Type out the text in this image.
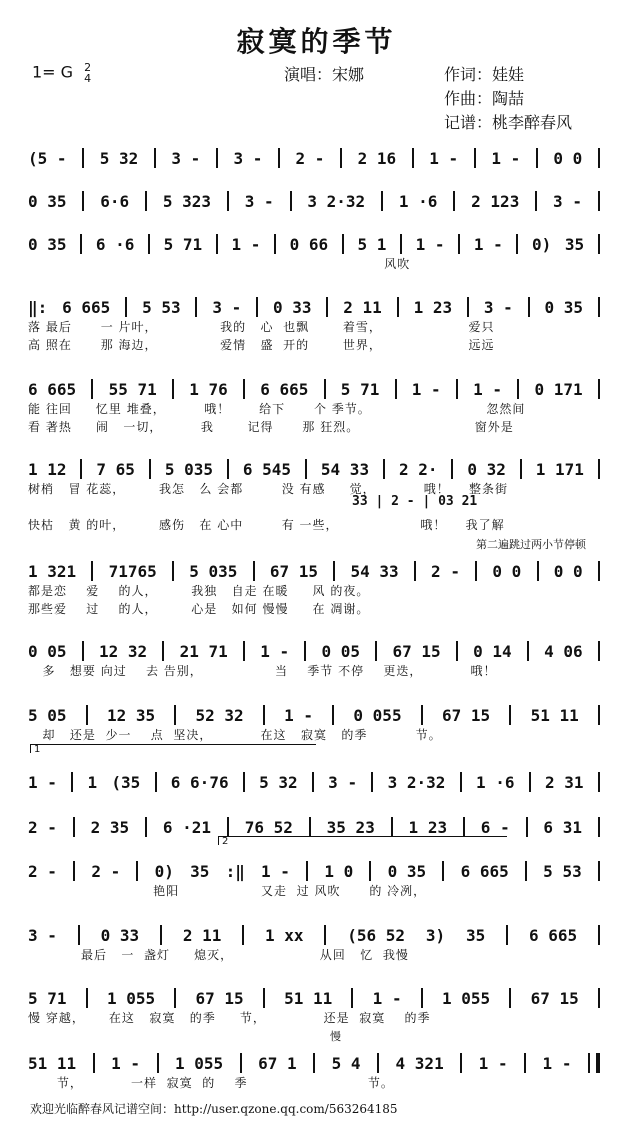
寂寞的季节
1= G 2
4	演唱：宋娜	作词：娃娃
作曲：陶喆
记谱：桃李醉春风
(5 - 5 32 3 - 3 - 2 - 2 16 1 - 1 - 0 0
0 35 6·6 5 323 3 - 3 2·32 1 ·6 2 123 3 -
0 35 6 ·6 5 71 1 - 0 66 5 1 1 - 1 - 0) 35
风吹
‖: 6 665 5 53 3 - 0 33 2 11 1 23 3 - 0 35
落 最后      一 片叶，             我的   心  也飘       着雪，                  爱只
高 照在      那 海边，             爱情   盛  开的       世界，                  远远
6 665 55 71 1 76 6 665 5 71 1 - 1 - 0 171
能 往回     忆里 堆叠，        哦！      给下      个 季节。                        忽然间
看 著热     闹   一切，        我       记得      那 狂烈。                        窗外是
1 12 7 65 5 035 6 545 54 33 2 2· 0 32 1 171
树梢   冒 花蕊，       我怎   么 会都        没 有感     觉，          哦！    整条街
快枯   黄 的叶，       感伤   在 心中        有 一些，                 哦！    我了解
1 321 71765 5 035 67 15 54 33 2 - 0 0 0 0
都是恋    爱    的人，       我独   自走 在暖     风 的夜。
那些爱    过    的人，       心是   如何 慢慢     在 凋谢。
0 05 12 32 21 71 1 - 0 05 67 15 0 14 4 06
多   想要 向过    去 告别，               当    季节 不停    更迭，          哦！
5 05	12 35	52 32	1 -	0 055	67 15	51 11
却   还是  少一    点  坚决，          在这   寂寞   的季          节。
1 - 1 (35 6 6·76 5 32 3 - 3 2·32 1 ·6 2 31
2 - 2 35 6 ·21 76 52 35 23 1 23 6 - 6 31
2 - 2 - 0) 35 :‖ 1 - 1 0 0 35 6 665 5 53
艳阳                 又走  过 风吹      的 冷冽，
3 -	0 33	2 11	1 xx	(56 52 3) 35	6 665
最后   一  盏灯     熄灭，                  从回   忆  我慢
5 71	1 055	67 15	51 11	1 -	1 055	67 15
慢 穿越，     在这   寂寞   的季     节，            还是  寂寞    的季
51 11 1 - 1 055 67 1 5 4 4 321 1 - 1 -
节，          一样  寂寞  的    季                         节。
第二遍跳过两小节停顿
慢
33 | 2 - | 03 21
1
2
欢迎光临醉春风记谱空间：http://user.qzone.qq.com/563264185
